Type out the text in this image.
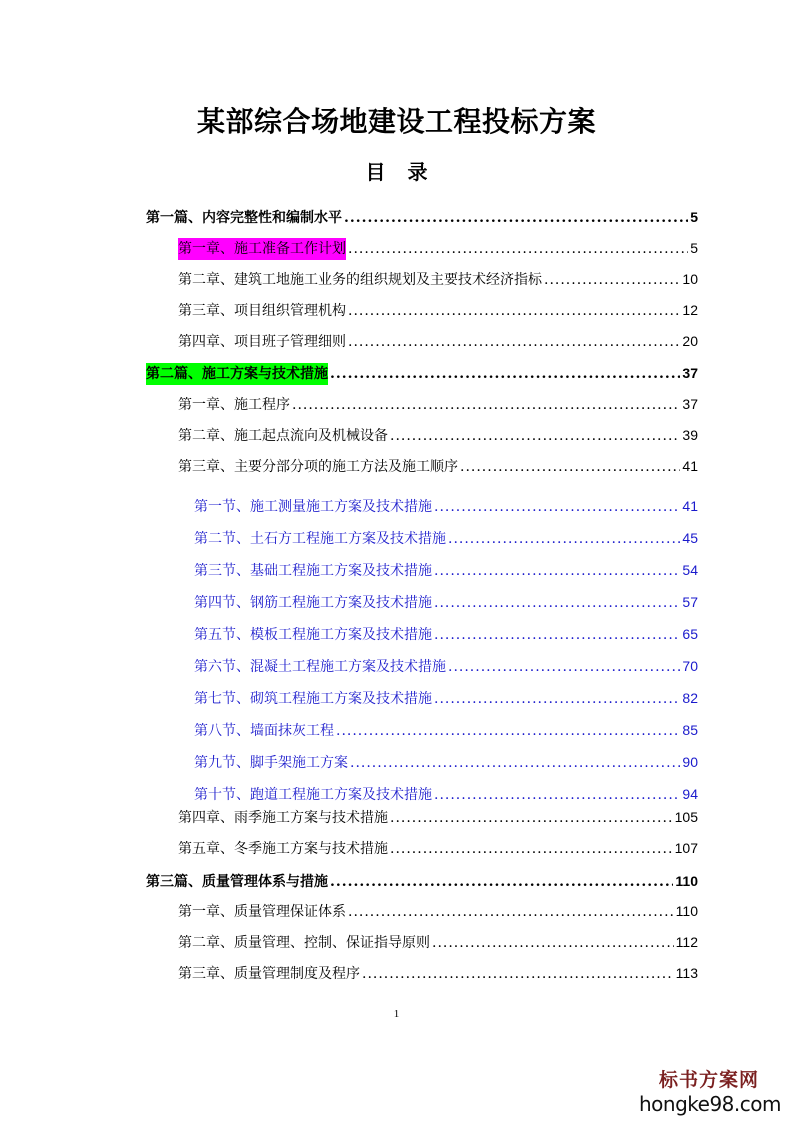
某部综合场地建设工程投标方案
目 录
第一篇、内容完整性和编制水平 .....	5
第一章、施工准备工作计划 .....	5
第二章、建筑工地施工业务的组织规划及主要技术经济指标 .....	10
第三章、项目组织管理机构 .....	12
第四章、项目班子管理细则 .....	20
第二篇、施工方案与技术措施 .....	37
第一章、施工程序 .....	37
第二章、施工起点流向及机械设备 .....	39
第三章、主要分部分项的施工方法及施工顺序 .....	41
第一节、施工测量施工方案及技术措施 .....	41
第二节、土石方工程施工方案及技术措施 .....	45
第三节、基础工程施工方案及技术措施 .....	54
第四节、钢筋工程施工方案及技术措施 .....	57
第五节、模板工程施工方案及技术措施 .....	65
第六节、混凝土工程施工方案及技术措施 .....	70
第七节、砌筑工程施工方案及技术措施 .....	82
第八节、墙面抹灰工程 .....	85
第九节、脚手架施工方案 .....	90
第十节、跑道工程施工方案及技术措施 .....	94
第四章、雨季施工方案与技术措施 .....	105
第五章、冬季施工方案与技术措施 .....	107
第三篇、质量管理体系与措施 .....	110
第一章、质量管理保证体系 .....	110
第二章、质量管理、控制、保证指导原则 .....	112
第三章、质量管理制度及程序 .....	113
1
标书方案网
hongke98.com
